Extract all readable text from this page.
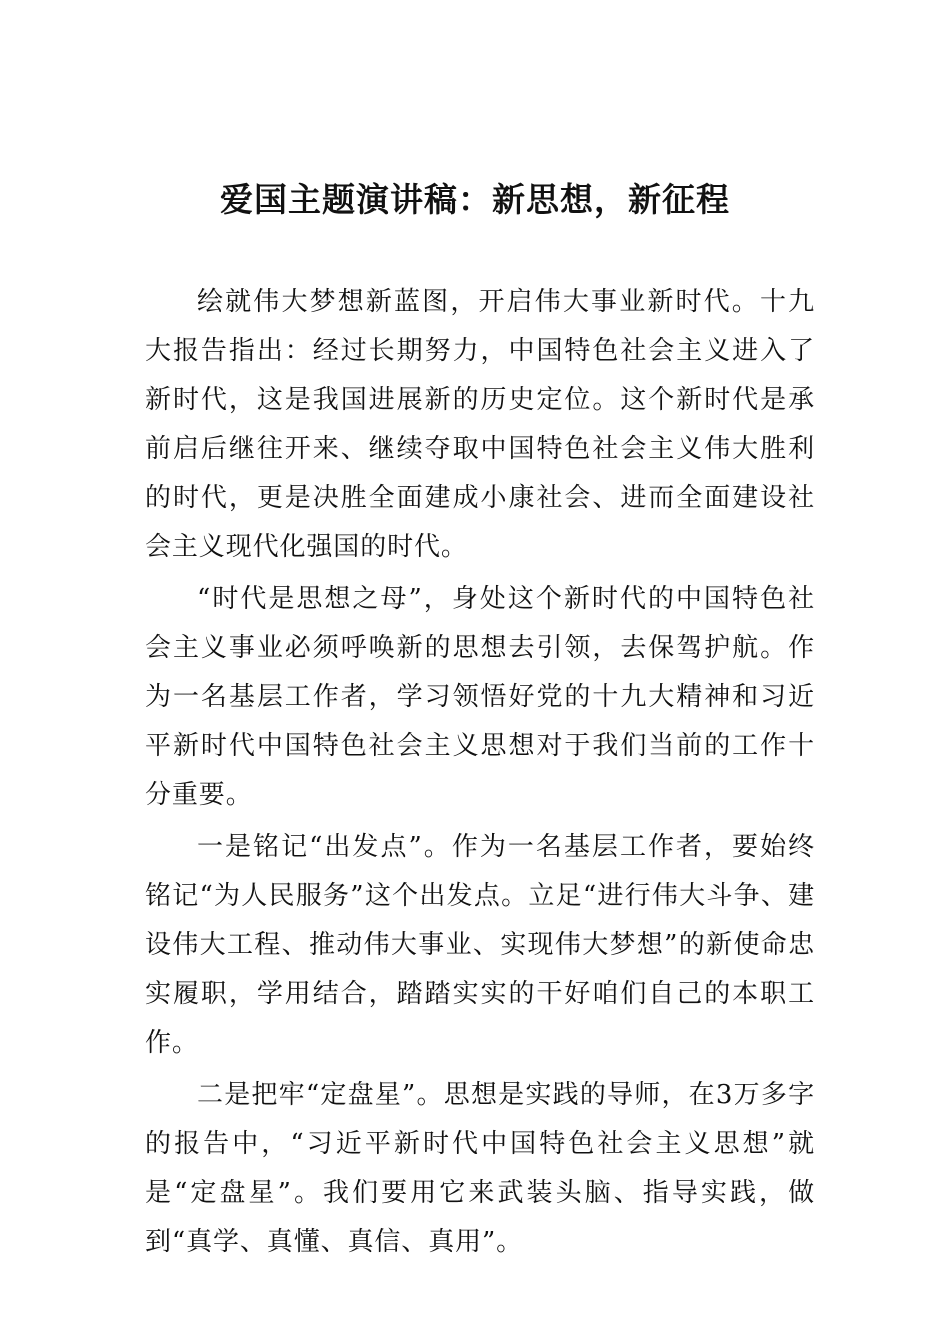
爱国主题演讲稿：新思想，新征程

绘就伟大梦想新蓝图，开启伟大事业新时代。十九大报告指出：经过长期努力，中国特色社会主义进入了新时代，这是我国进展新的历史定位。这个新时代是承前启后继往开来、继续夺取中国特色社会主义伟大胜利的时代，更是决胜全面建成小康社会、进而全面建设社会主义现代化强国的时代。

“时代是思想之母”，身处这个新时代的中国特色社会主义事业必须呼唤新的思想去引领，去保驾护航。作为一名基层工作者，学习领悟好党的十九大精神和习近平新时代中国特色社会主义思想对于我们当前的工作十分重要。

一是铭记“出发点”。作为一名基层工作者，要始终铭记“为人民服务”这个出发点。立足“进行伟大斗争、建设伟大工程、推动伟大事业、实现伟大梦想”的新使命忠实履职，学用结合，踏踏实实的干好咱们自己的本职工作。

二是把牢“定盘星”。思想是实践的导师，在3万多字的报告中，“习近平新时代中国特色社会主义思想”就是“定盘星”。我们要用它来武装头脑、指导实践，做到“真学、真懂、真信、真用”。
